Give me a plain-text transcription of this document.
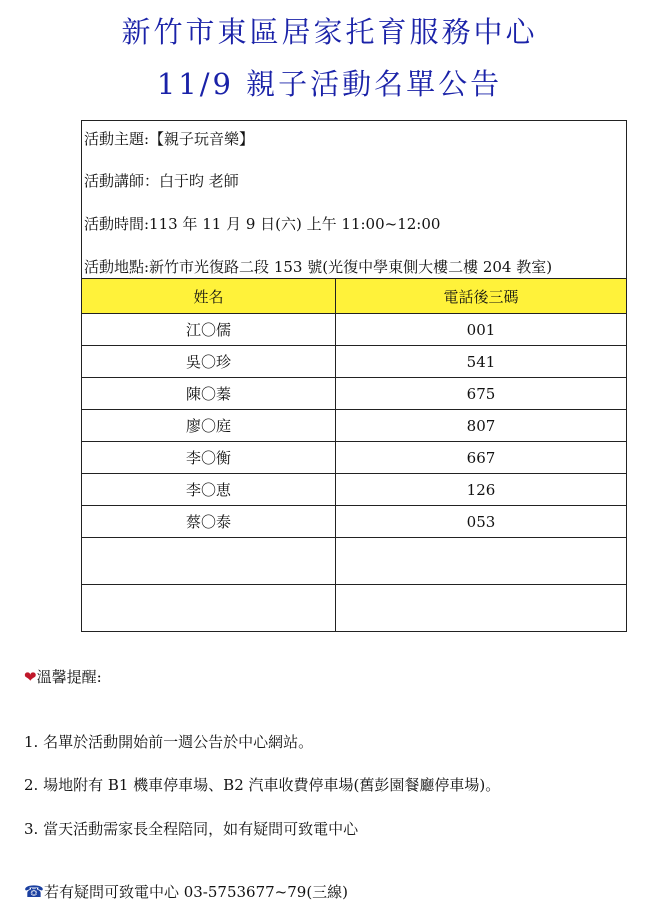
新竹市東區居家托育服務中心
11/9 親子活動名單公告
活動主題:【親子玩音樂】
活動講師：白于昀 老師
活動時間:113 年 11 月 9 日(六) 上午 11:00~12:00
活動地點:新竹市光復路二段 153 號(光復中學東側大樓二樓 204 教室)
姓名	電話後三碼
江〇儒	001
吳〇珍	541
陳〇蓁	675
廖〇庭	807
李〇衡	667
李〇恵	126
蔡〇泰	053

❤溫馨提醒:
1. 名單於活動開始前一週公告於中心網站。
2. 場地附有 B1 機車停車場、B2 汽車收費停車場(舊彭園餐廳停車場)。
3. 當天活動需家長全程陪同，如有疑問可致電中心
☎若有疑問可致電中心 03-5753677~79(三線)
